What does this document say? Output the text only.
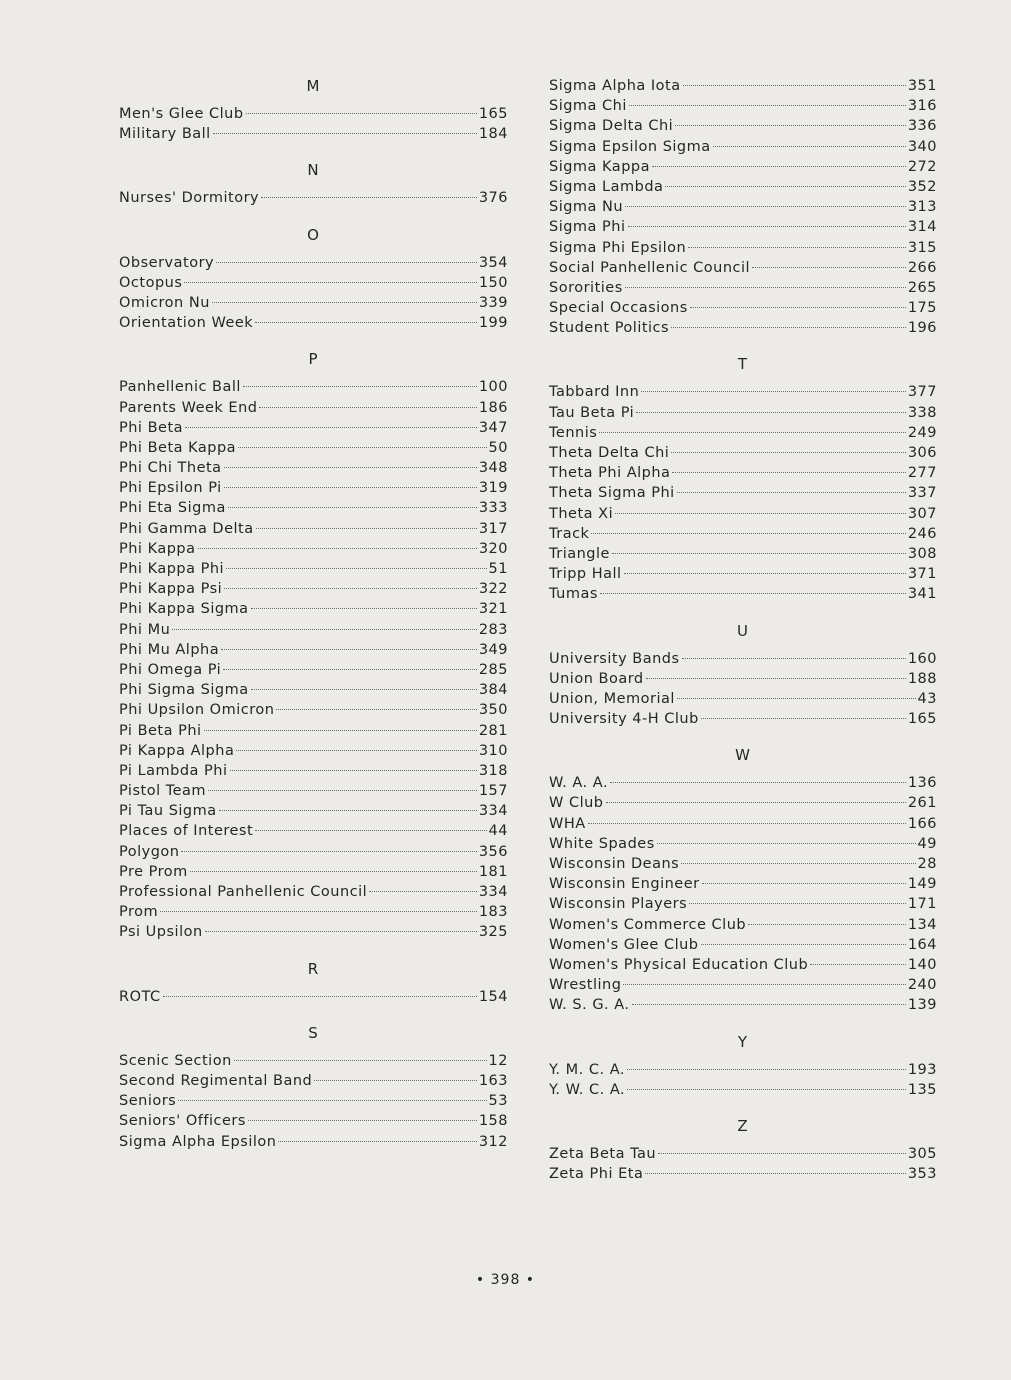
M
Men's Glee Club	165
Military Ball	184
N
Nurses' Dormitory	376
O
Observatory	354
Octopus	150
Omicron Nu	339
Orientation Week	199
P
Panhellenic Ball	100
Parents Week End	186
Phi Beta	347
Phi Beta Kappa	50
Phi Chi Theta	348
Phi Epsilon Pi	319
Phi Eta Sigma	333
Phi Gamma Delta	317
Phi Kappa	320
Phi Kappa Phi	51
Phi Kappa Psi	322
Phi Kappa Sigma	321
Phi Mu	283
Phi Mu Alpha	349
Phi Omega Pi	285
Phi Sigma Sigma	384
Phi Upsilon Omicron	350
Pi Beta Phi	281
Pi Kappa Alpha	310
Pi Lambda Phi	318
Pistol Team	157
Pi Tau Sigma	334
Places of Interest	44
Polygon	356
Pre Prom	181
Professional Panhellenic Council	334
Prom	183
Psi Upsilon	325
R
ROTC	154
S
Scenic Section	12
Second Regimental Band	163
Seniors	53
Seniors' Officers	158
Sigma Alpha Epsilon	312
Sigma Alpha Iota	351
Sigma Chi	316
Sigma Delta Chi	336
Sigma Epsilon Sigma	340
Sigma Kappa	272
Sigma Lambda	352
Sigma Nu	313
Sigma Phi	314
Sigma Phi Epsilon	315
Social Panhellenic Council	266
Sororities	265
Special Occasions	175
Student Politics	196
T
Tabbard Inn	377
Tau Beta Pi	338
Tennis	249
Theta Delta Chi	306
Theta Phi Alpha	277
Theta Sigma Phi	337
Theta Xi	307
Track	246
Triangle	308
Tripp Hall	371
Tumas	341
U
University Bands	160
Union Board	188
Union, Memorial	43
University 4-H Club	165
W
W. A. A.	136
W Club	261
WHA	166
White Spades	49
Wisconsin Deans	28
Wisconsin Engineer	149
Wisconsin Players	171
Women's Commerce Club	134
Women's Glee Club	164
Women's Physical Education Club	140
Wrestling	240
W. S. G. A.	139
Y
Y. M. C. A.	193
Y. W. C. A.	135
Z
Zeta Beta Tau	305
Zeta Phi Eta	353
• 398 •
